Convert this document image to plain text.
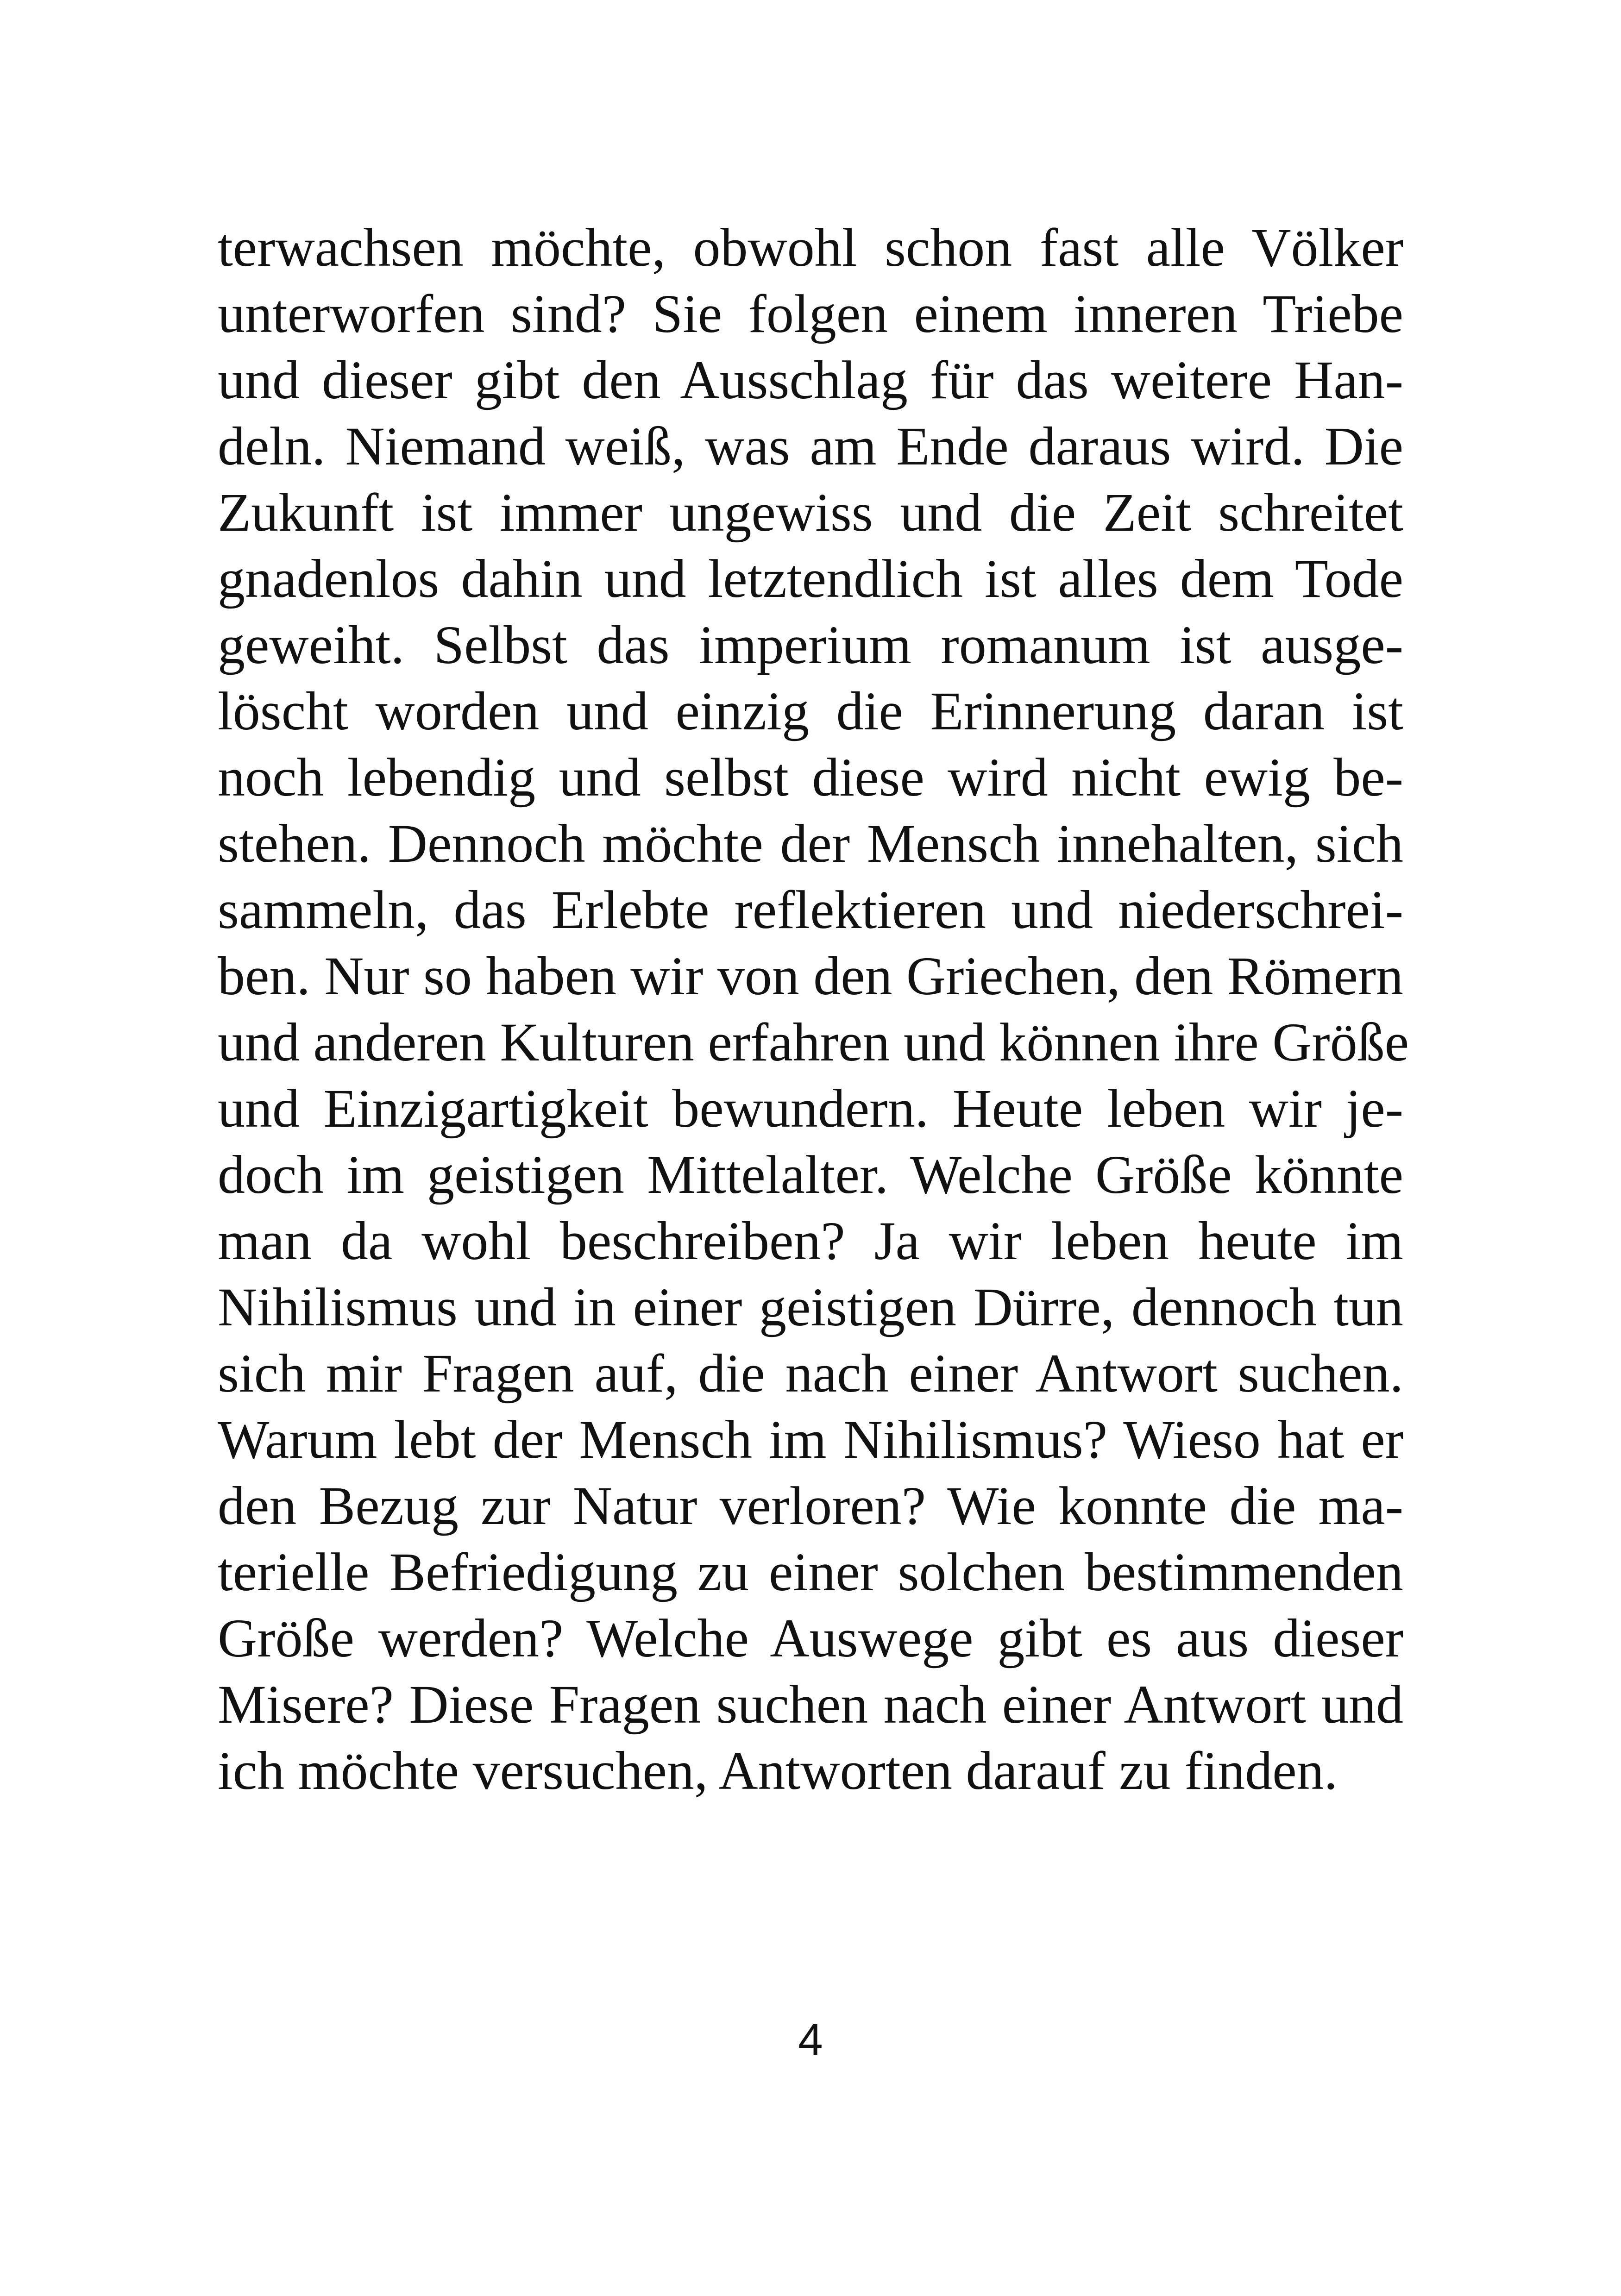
terwachsen möchte, obwohl schon fast alle Völker
unterworfen sind? Sie folgen einem inneren Triebe
und dieser gibt den Ausschlag für das weitere Han-
deln. Niemand weiß, was am Ende daraus wird. Die
Zukunft ist immer ungewiss und die Zeit schreitet
gnadenlos dahin und letztendlich ist alles dem Tode
geweiht. Selbst das imperium romanum ist ausge-
löscht worden und einzig die Erinnerung daran ist
noch lebendig und selbst diese wird nicht ewig be-
stehen. Dennoch möchte der Mensch innehalten, sich
sammeln, das Erlebte reflektieren und niederschrei-
ben. Nur so haben wir von den Griechen, den Römern
und anderen Kulturen erfahren und können ihre Größe
und Einzigartigkeit bewundern. Heute leben wir je-
doch im geistigen Mittelalter. Welche Größe könnte
man da wohl beschreiben? Ja wir leben heute im
Nihilismus und in einer geistigen Dürre, dennoch tun
sich mir Fragen auf, die nach einer Antwort suchen.
Warum lebt der Mensch im Nihilismus? Wieso hat er
den Bezug zur Natur verloren? Wie konnte die ma-
terielle Befriedigung zu einer solchen bestimmenden
Größe werden? Welche Auswege gibt es aus dieser
Misere? Diese Fragen suchen nach einer Antwort und
ich möchte versuchen, Antworten darauf zu finden.
4
